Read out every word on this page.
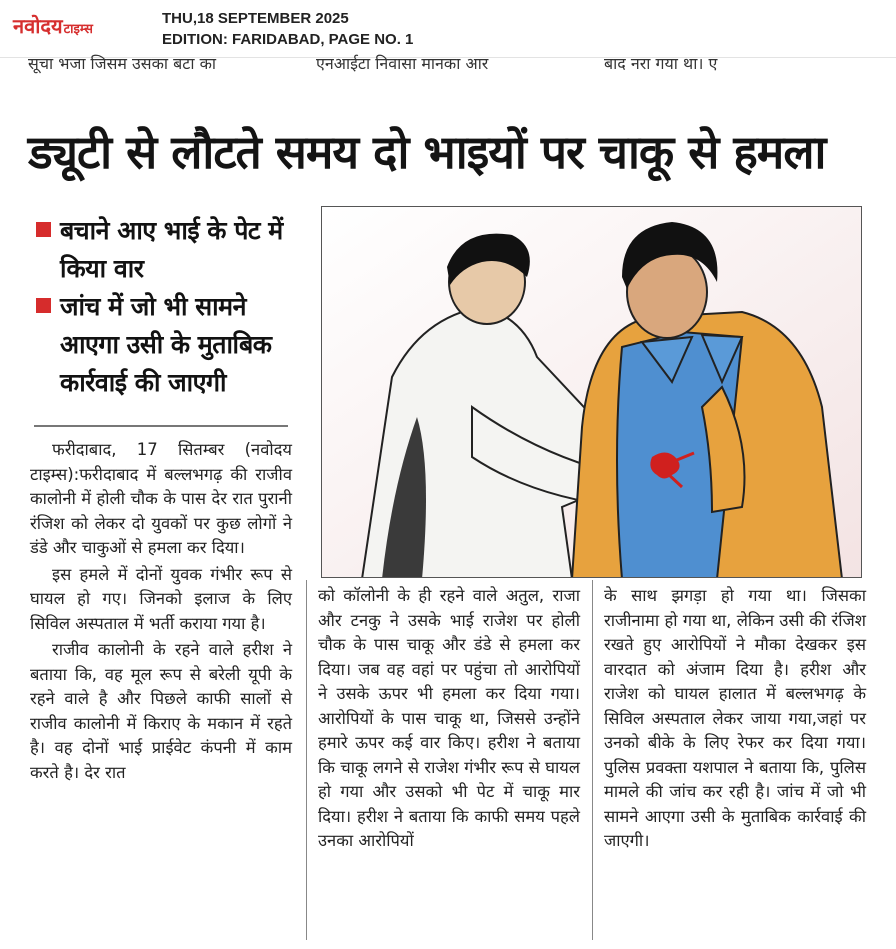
नवोदयटाइम्स
THU,18 SEPTEMBER 2025
EDITION: FARIDABAD, PAGE NO. 1
सूचा भजा जिसम उसका बटा का	एनआईटा निवासा मानका आर	बाद नरा गया था। ए
ड्यूटी से लौटते समय दो भाइयों पर चाकू से हमला
बचाने आए भाई के पेट में किया वार
जांच में जो भी सामने आएगा उसी के मुताबिक कार्रवाई की जाएगी

फरीदाबाद, 17 सितम्बर (नवोदय टाइम्स):फरीदाबाद में बल्लभगढ़ की राजीव कालोनी में होली चौक के पास देर रात पुरानी रंजिश को लेकर दो युवकों पर कुछ लोगों ने डंडे और चाकुओं से हमला कर दिया।

इस हमले में दोनों युवक गंभीर रूप से घायल हो गए। जिनको इलाज के लिए सिविल अस्पताल में भर्ती कराया गया है।

राजीव कालोनी के रहने वाले हरीश ने बताया कि, वह मूल रूप से बरेली यूपी के रहने वाले है और पिछले काफी सालों से राजीव कालोनी में किराए के मकान में रहते है। वह दोनों भाई प्राईवेट कंपनी में काम करते है। देर रात

को कॉलोनी के ही रहने वाले अतुल, राजा और टनकु ने उसके भाई राजेश पर होली चौक के पास चाकू और डंडे से हमला कर दिया। जब वह वहां पर पहुंचा तो आरोपियों ने उसके ऊपर भी हमला कर दिया गया। आरोपियों के पास चाकू था, जिससे उन्होंने हमारे ऊपर कई वार किए। हरीश ने बताया कि चाकू लगने से राजेश गंभीर रूप से घायल हो गया और उसको भी पेट में चाकू मार दिया। हरीश ने बताया कि काफी समय पहले उनका आरोपियों

के साथ झगड़ा हो गया था। जिसका राजीनामा हो गया था, लेकिन उसी की रंजिश रखते हुए आरोपियों ने मौका देखकर इस वारदात को अंजाम दिया है। हरीश और राजेश को घायल हालात में बल्लभगढ़ के सिविल अस्पताल लेकर जाया गया,जहां पर उनको बीके के लिए रेफर कर दिया गया। पुलिस प्रवक्ता यशपाल ने बताया कि, पुलिस मामले की जांच कर रही है। जांच में जो भी सामने आएगा उसी के मुताबिक कार्रवाई की जाएगी।
